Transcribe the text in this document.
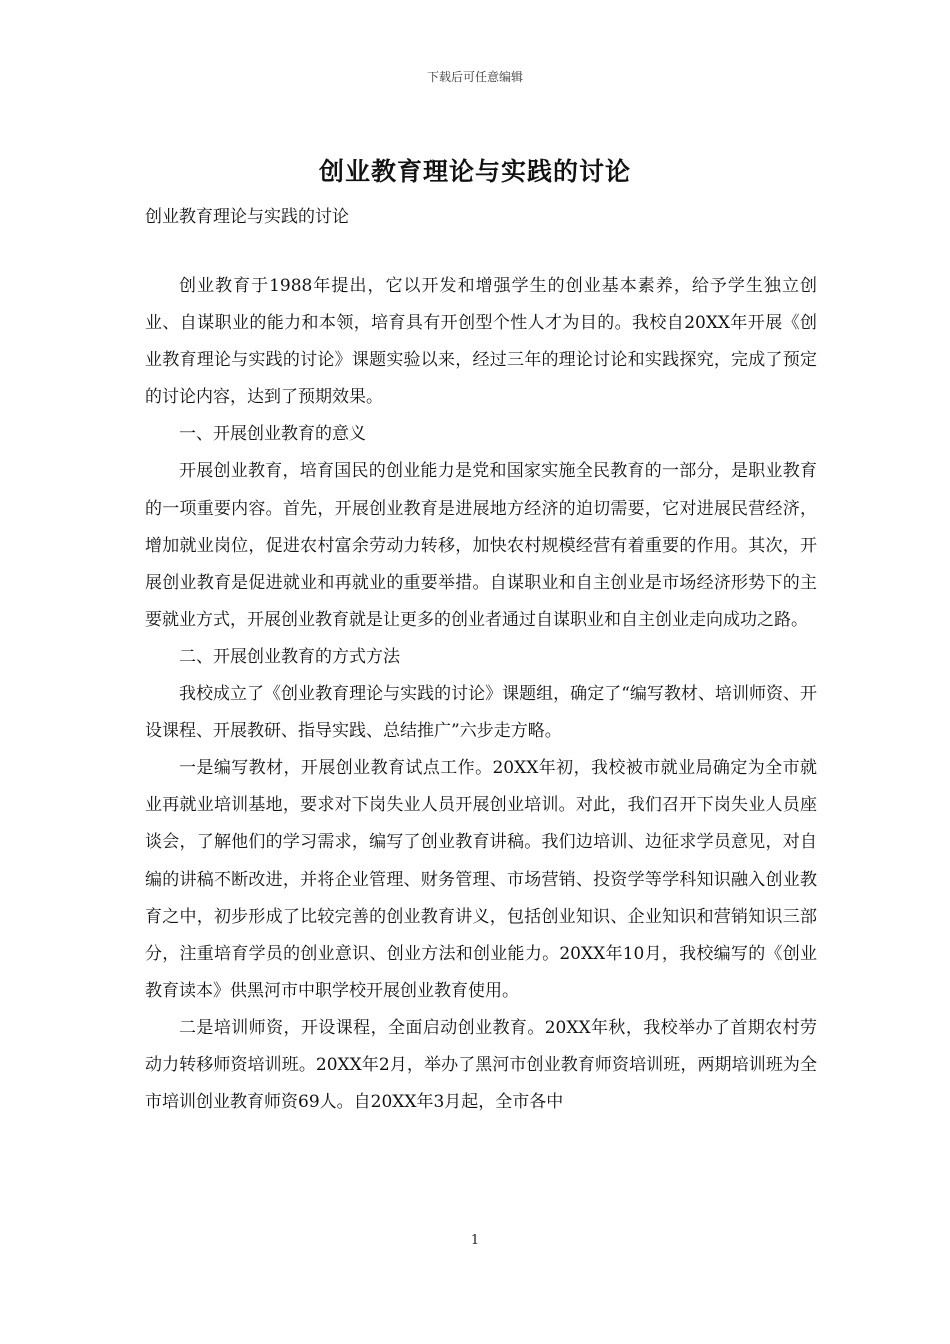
下载后可任意编辑
创业教育理论与实践的讨论

创业教育理论与实践的讨论

创业教育于1988年提出，它以开发和增强学生的创业基本素养，给予学生独立创业、自谋职业的能力和本领，培育具有开创型个性人才为目的。我校自20XX年开展《创业教育理论与实践的讨论》课题实验以来，经过三年的理论讨论和实践探究，完成了预定的讨论内容，达到了预期效果。

一、开展创业教育的意义

开展创业教育，培育国民的创业能力是党和国家实施全民教育的一部分，是职业教育的一项重要内容。首先，开展创业教育是进展地方经济的迫切需要，它对进展民营经济，增加就业岗位，促进农村富余劳动力转移，加快农村规模经营有着重要的作用。其次，开展创业教育是促进就业和再就业的重要举措。自谋职业和自主创业是市场经济形势下的主要就业方式，开展创业教育就是让更多的创业者通过自谋职业和自主创业走向成功之路。

二、开展创业教育的方式方法

我校成立了《创业教育理论与实践的讨论》课题组，确定了“编写教材、培训师资、开设课程、开展教研、指导实践、总结推广”六步走方略。

一是编写教材，开展创业教育试点工作。20XX年初，我校被市就业局确定为全市就业再就业培训基地，要求对下岗失业人员开展创业培训。对此，我们召开下岗失业人员座谈会，了解他们的学习需求，编写了创业教育讲稿。我们边培训、边征求学员意见，对自编的讲稿不断改进，并将企业管理、财务管理、市场营销、投资学等学科知识融入创业教育之中，初步形成了比较完善的创业教育讲义，包括创业知识、企业知识和营销知识三部分，注重培育学员的创业意识、创业方法和创业能力。20XX年10月，我校编写的《创业教育读本》供黑河市中职学校开展创业教育使用。

二是培训师资，开设课程，全面启动创业教育。20XX年秋，我校举办了首期农村劳动力转移师资培训班。20XX年2月，举办了黑河市创业教育师资培训班，两期培训班为全市培训创业教育师资69人。自20XX年3月起，全市各中

1
